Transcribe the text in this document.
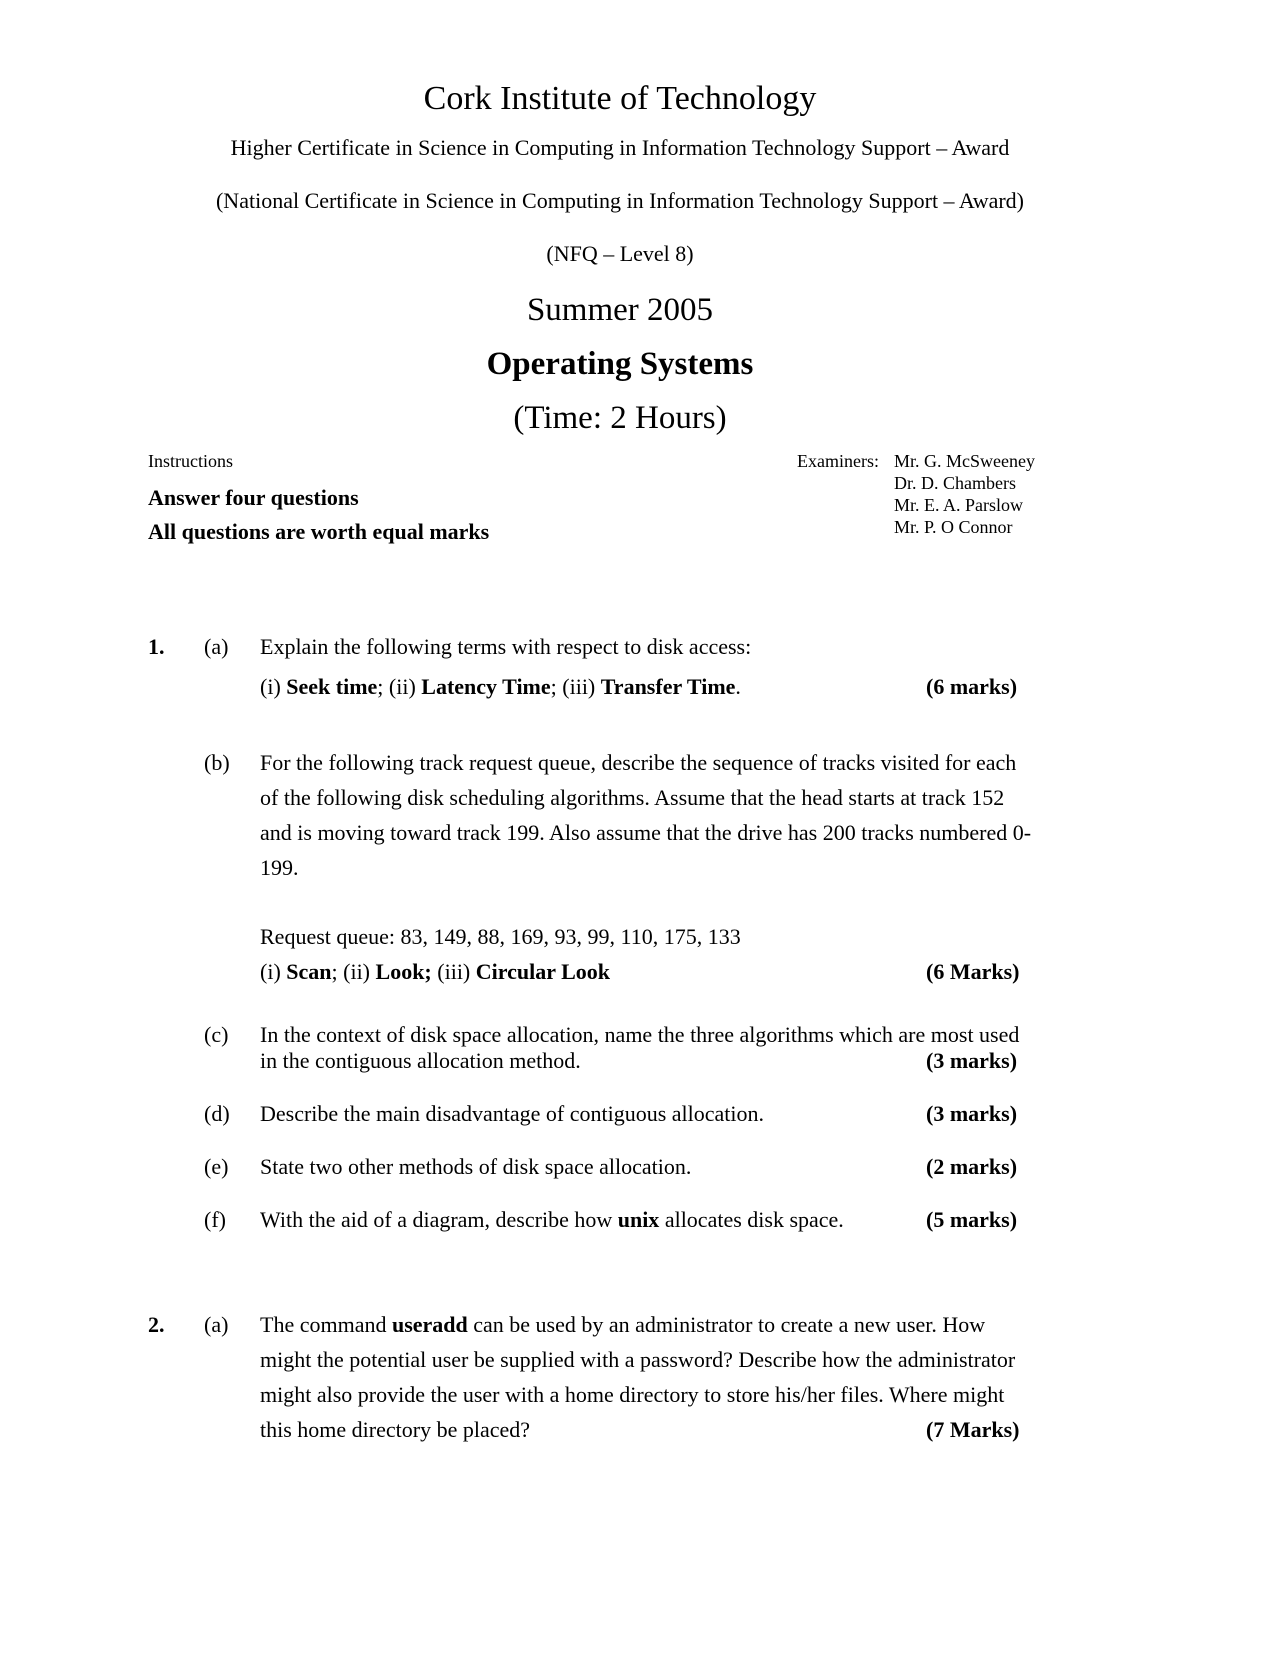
Cork Institute of Technology
Higher Certificate in Science in Computing in Information Technology Support – Award
(National Certificate in Science in Computing in Information Technology Support – Award)
(NFQ – Level 8)
Summer 2005
Operating Systems
(Time: 2 Hours)
Instructions
Answer four questions
All questions are worth equal marks
Examiners: Mr. G. McSweeney
Dr. D. Chambers
Mr. E. A. Parslow
Mr. P. O Connor
1. (a) Explain the following terms with respect to disk access:
(i) Seek time; (ii) Latency Time; (iii) Transfer Time.	(6 marks)
(b) For the following track request queue, describe the sequence of tracks visited for each
of the following disk scheduling algorithms. Assume that the head starts at track 152
and is moving toward track 199. Also assume that the drive has 200 tracks numbered 0-
199.
Request queue: 83, 149, 88, 169, 93, 99, 110, 175, 133
(i) Scan; (ii) Look; (iii) Circular Look	(6 Marks)
(c) In the context of disk space allocation, name the three algorithms which are most used
in the contiguous allocation method.	(3 marks)
(d) Describe the main disadvantage of contiguous allocation.	(3 marks)
(e) State two other methods of disk space allocation.	(2 marks)
(f) With the aid of a diagram, describe how unix allocates disk space.	(5 marks)
2. (a) The command useradd can be used by an administrator to create a new user. How
might the potential user be supplied with a password? Describe how the administrator
might also provide the user with a home directory to store his/her files. Where might
this home directory be placed?	(7 Marks)
